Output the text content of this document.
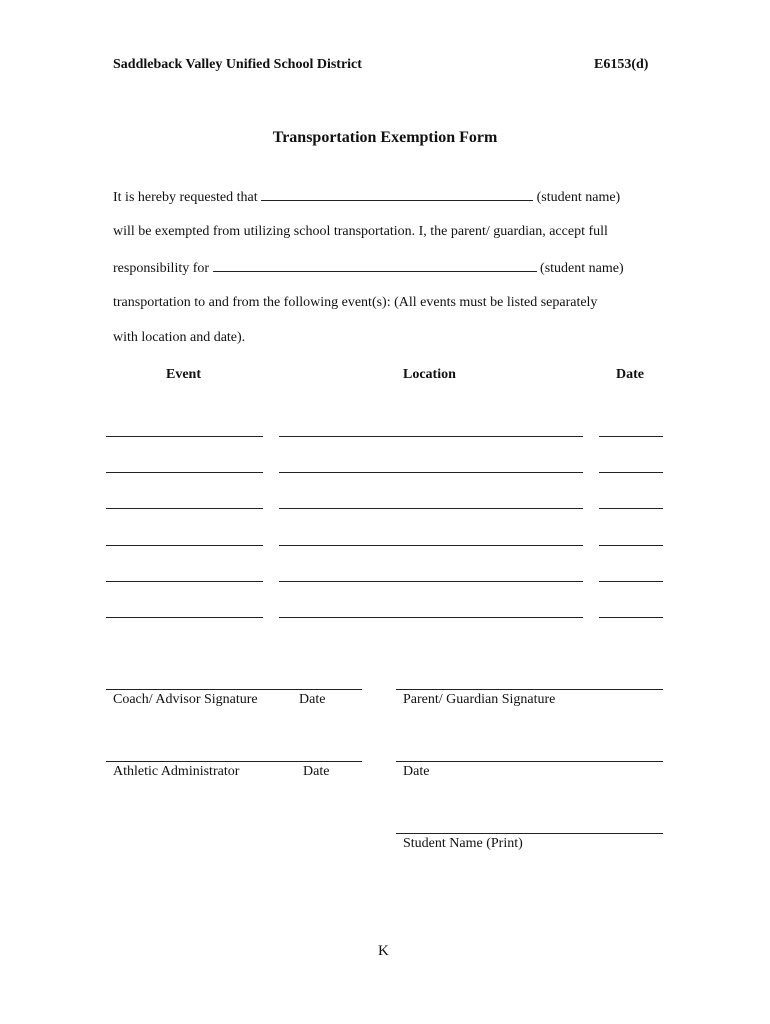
Saddleback Valley Unified School District	E6153(d)
Transportation Exemption Form
It is hereby requested that	(student name)
will be exempted from utilizing school transportation. I, the parent/ guardian, accept full
responsibility for	(student name)
transportation to and from the following event(s): (All events must be listed separately
with location and date).
Event	Location	Date
Coach/ Advisor Signature	Date	Parent/ Guardian Signature
Athletic Administrator	Date	Date
Student Name (Print)
K
